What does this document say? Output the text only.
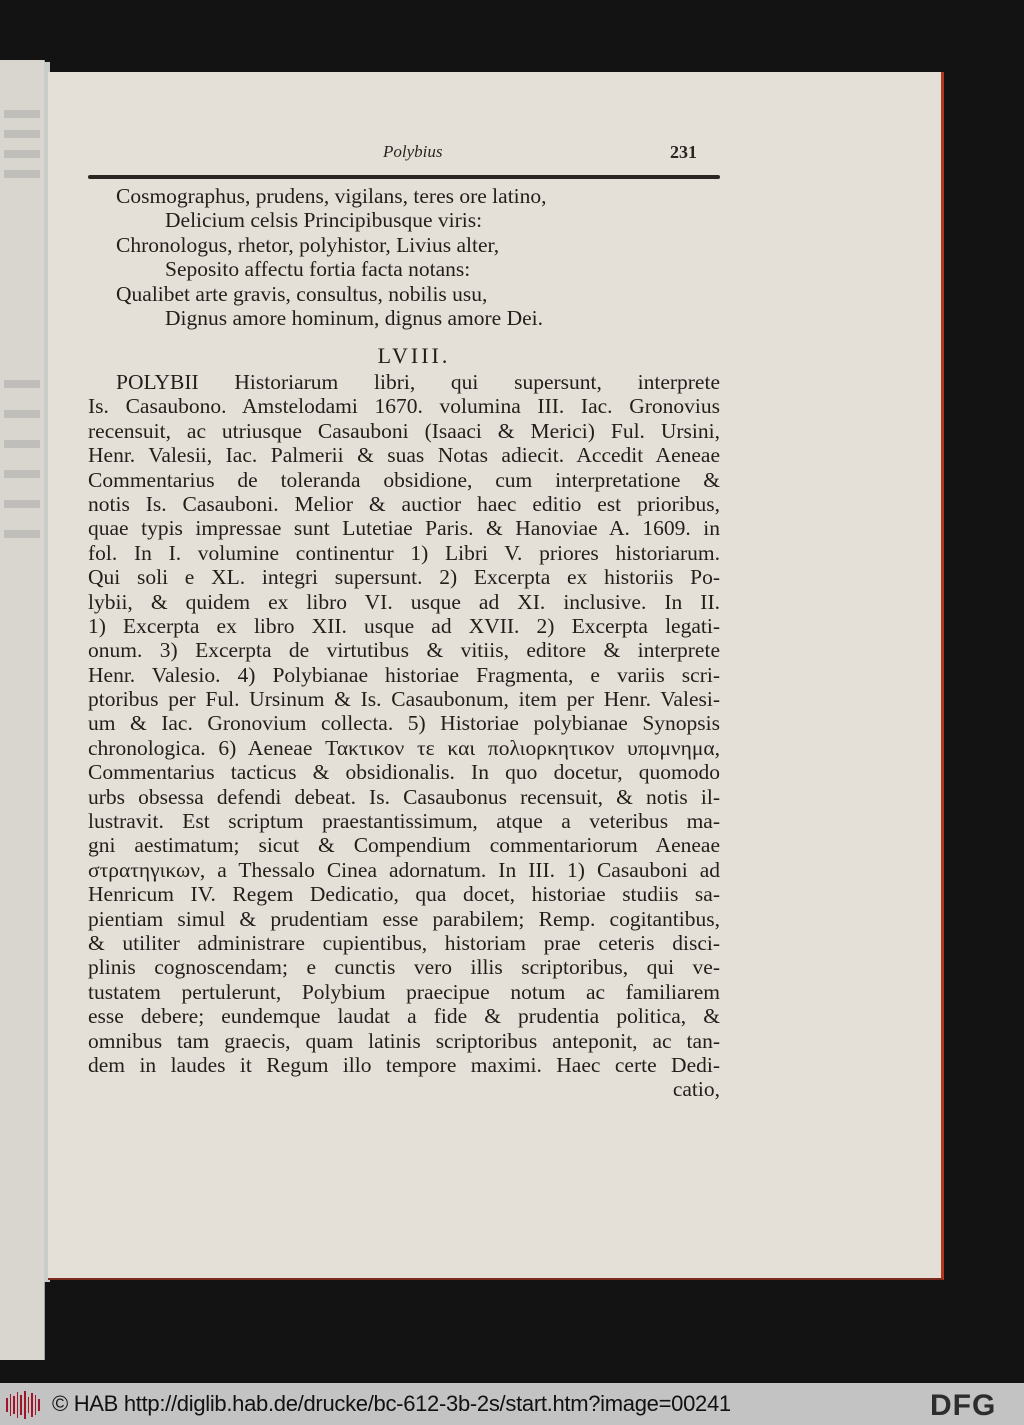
Polybius	231
Cosmographus, prudens, vigilans, teres ore latino,
Delicium celsis Principibusque viris:
Chronologus, rhetor, polyhistor, Livius alter,
Seposito affectu fortia facta notans:
Qualibet arte gravis, consultus, nobilis usu,
Dignus amore hominum, dignus amore Dei.
LVIII.
POLYBII Historiarum libri, qui supersunt, interprete
Is. Casaubono. Amstelodami 1670. volumina III. Iac. Gronovius
recensuit, ac utriusque Casauboni (Isaaci & Merici) Ful. Ursini,
Henr. Valesii, Iac. Palmerii & suas Notas adiecit. Accedit Aeneae
Commentarius de toleranda obsidione, cum interpretatione &
notis Is. Casauboni. Melior & auctior haec editio est prioribus,
quae typis impressae sunt Lutetiae Paris. & Hanoviae A. 1609. in
fol. In I. volumine continentur 1) Libri V. priores historiarum.
Qui soli e XL. integri supersunt. 2) Excerpta ex historiis Po-
lybii, & quidem ex libro VI. usque ad XI. inclusive. In II.
1) Excerpta ex libro XII. usque ad XVII. 2) Excerpta legati-
onum. 3) Excerpta de virtutibus & vitiis, editore & interprete
Henr. Valesio. 4) Polybianae historiae Fragmenta, e variis scri-
ptoribus per Ful. Ursinum & Is. Casaubonum, item per Henr. Valesi-
um & Iac. Gronovium collecta. 5) Historiae polybianae Synopsis
chronologica. 6) Aeneae Τακτικον τε και πολιορκητικον υπομνημα,
Commentarius tacticus & obsidionalis. In quo docetur, quomodo
urbs obsessa defendi debeat. Is. Casaubonus recensuit, & notis il-
lustravit. Est scriptum praestantissimum, atque a veteribus ma-
gni aestimatum; sicut & Compendium commentariorum Aeneae
στρατηγικων, a Thessalo Cinea adornatum. In III. 1) Casauboni ad
Henricum IV. Regem Dedicatio, qua docet, historiae studiis sa-
pientiam simul & prudentiam esse parabilem; Remp. cogitantibus,
& utiliter administrare cupientibus, historiam prae ceteris disci-
plinis cognoscendam; e cunctis vero illis scriptoribus, qui ve-
tustatem pertulerunt, Polybium praecipue notum ac familiarem
esse debere; eundemque laudat a fide & prudentia politica, &
omnibus tam graecis, quam latinis scriptoribus anteponit, ac tan-
dem in laudes it Regum illo tempore maximi. Haec certe Dedi-
catio,
© HAB http://diglib.hab.de/drucke/bc-612-3b-2s/start.htm?image=00241	DFG
